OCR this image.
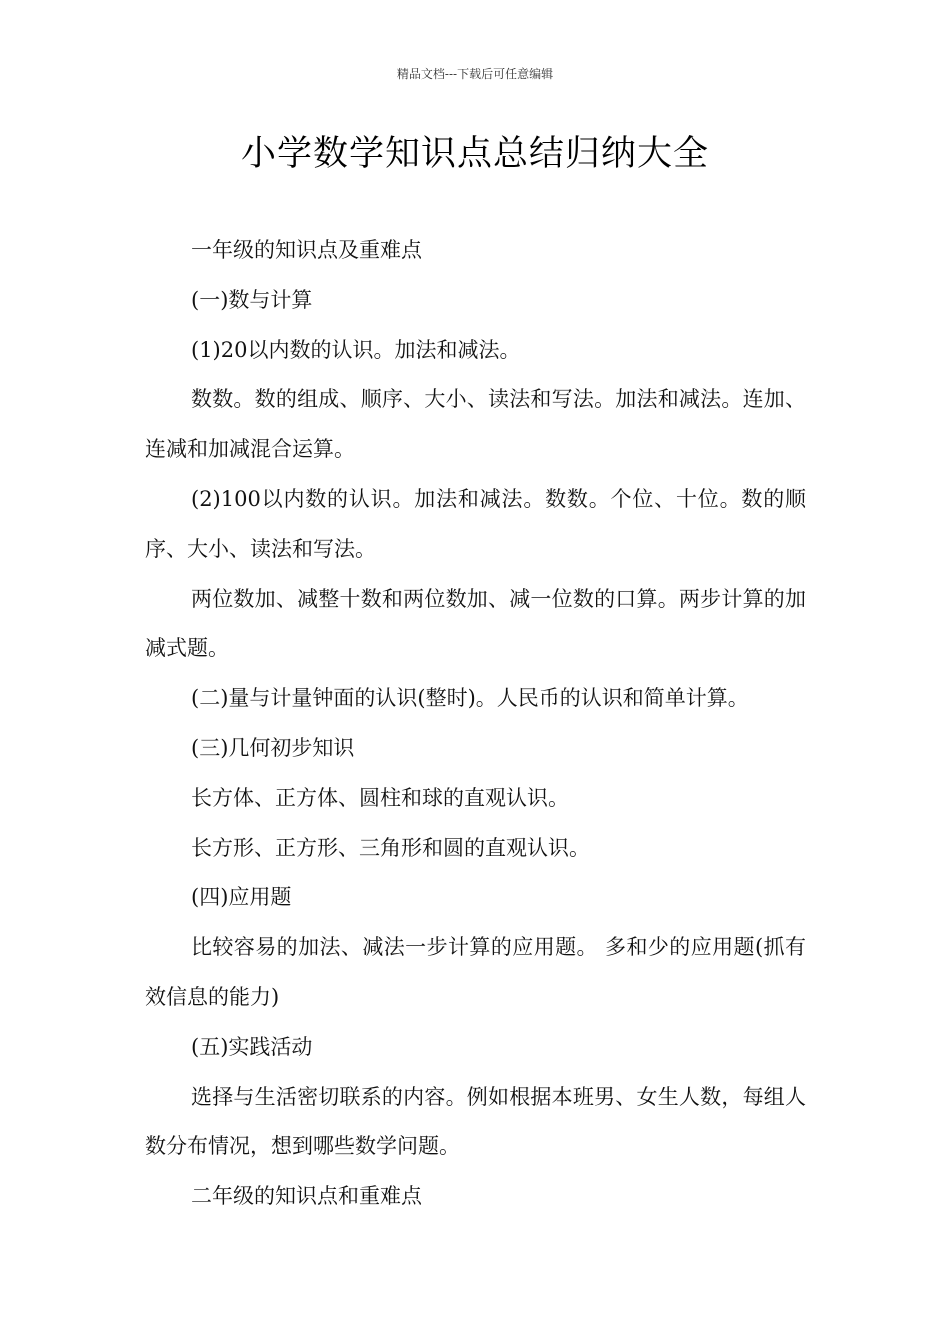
精品文档---下载后可任意编辑
小学数学知识点总结归纳大全

一年级的知识点及重难点

(一)数与计算

(1)20以内数的认识。加法和减法。

数数。数的组成、顺序、大小、读法和写法。加法和减法。连加、连减和加减混合运算。

(2)100以内数的认识。加法和减法。数数。个位、十位。数的顺序、大小、读法和写法。

两位数加、减整十数和两位数加、减一位数的口算。两步计算的加减式题。

(二)量与计量钟面的认识(整时)。人民币的认识和简单计算。

(三)几何初步知识

长方体、正方体、圆柱和球的直观认识。

长方形、正方形、三角形和圆的直观认识。

(四)应用题

比较容易的加法、减法一步计算的应用题。 多和少的应用题(抓有效信息的能力)

(五)实践活动

选择与生活密切联系的内容。例如根据本班男、女生人数，每组人数分布情况，想到哪些数学问题。

二年级的知识点和重难点
